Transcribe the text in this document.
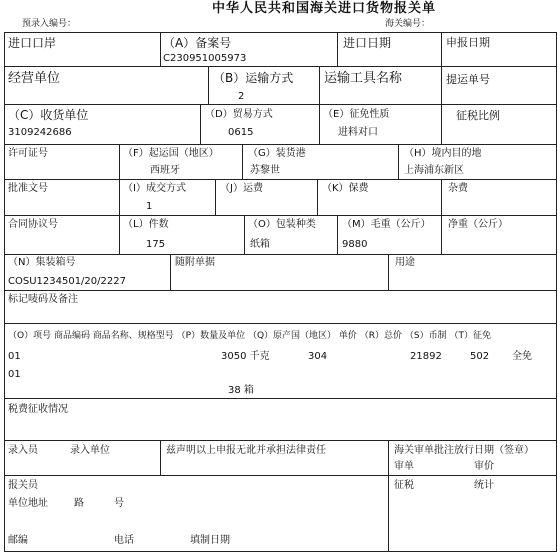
中华人民共和国海关进口货物报关单
预录入编号：	海关编号：
进口口岸	（A）备案号
C230951005973
进口日期	申报日期
经营单位	（B）运输方式
2
运输工具名称	提运单号
（C）收货单位
3109242686
（D）贸易方式
0615
（E）征免性质
进料对口
征税比例
许可证号	（F）起运国（地区）
西班牙
（G）装货港
苏黎世
（H）境内目的地
上海浦东新区
批准文号	（I）成交方式
1
（J）运费	（K）保费	杂费
合同协议号	（L）件数
175
（O）包装种类
纸箱
（M）毛重（公斤）
9880
净重（公斤）
（N）集装箱号
COSU1234501/20/2227
随附单据	用途
标记唛码及备注
（O）项号 商品编码 商品名称、规格型号 （P）数量及单位 （Q）原产国（地区） 单价 （R）总价 （S）币制 （T）征免
01	3050 千克	304	21892	502 全免
01
38 箱
税费征收情况
录入员	录入单位	兹声明以上申报无讹并承担法律责任	海关审单批注放行日期（签章）
审单	审价
报关员
单位地址	路	号
征税	统计
邮编	电话	填制日期
